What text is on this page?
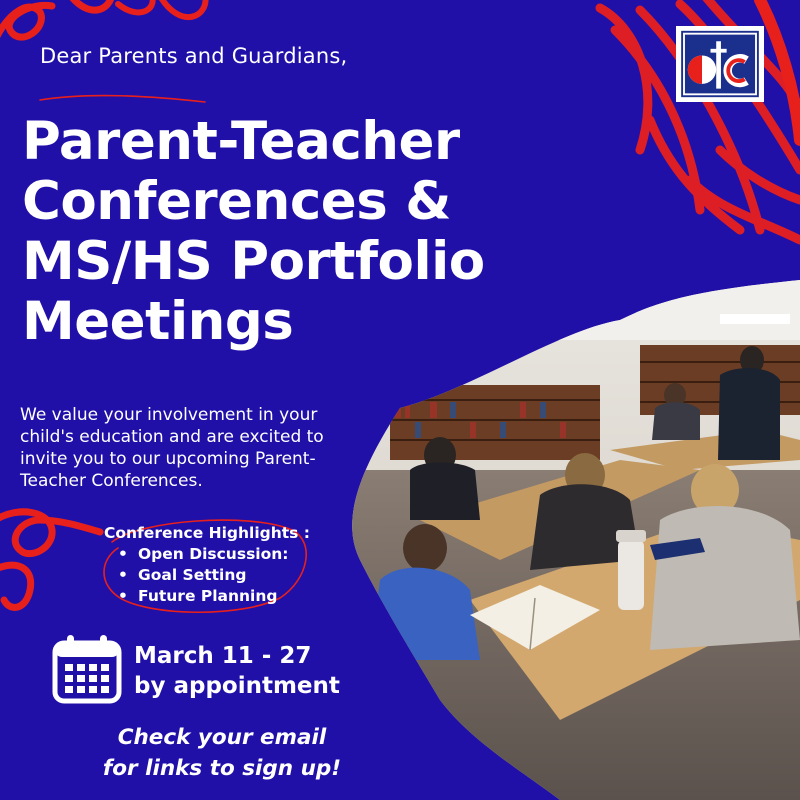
Dear Parents and Guardians,
Parent-Teacher
Conferences &
MS/HS Portfolio
Meetings
We value your involvement in your
child's education and are excited to
invite you to our upcoming Parent-
Teacher Conferences.
Conference Highlights :
• Open Discussion:
• Goal Setting
• Future Planning
March 11 - 27
by appointment
Check your email
for links to sign up!
